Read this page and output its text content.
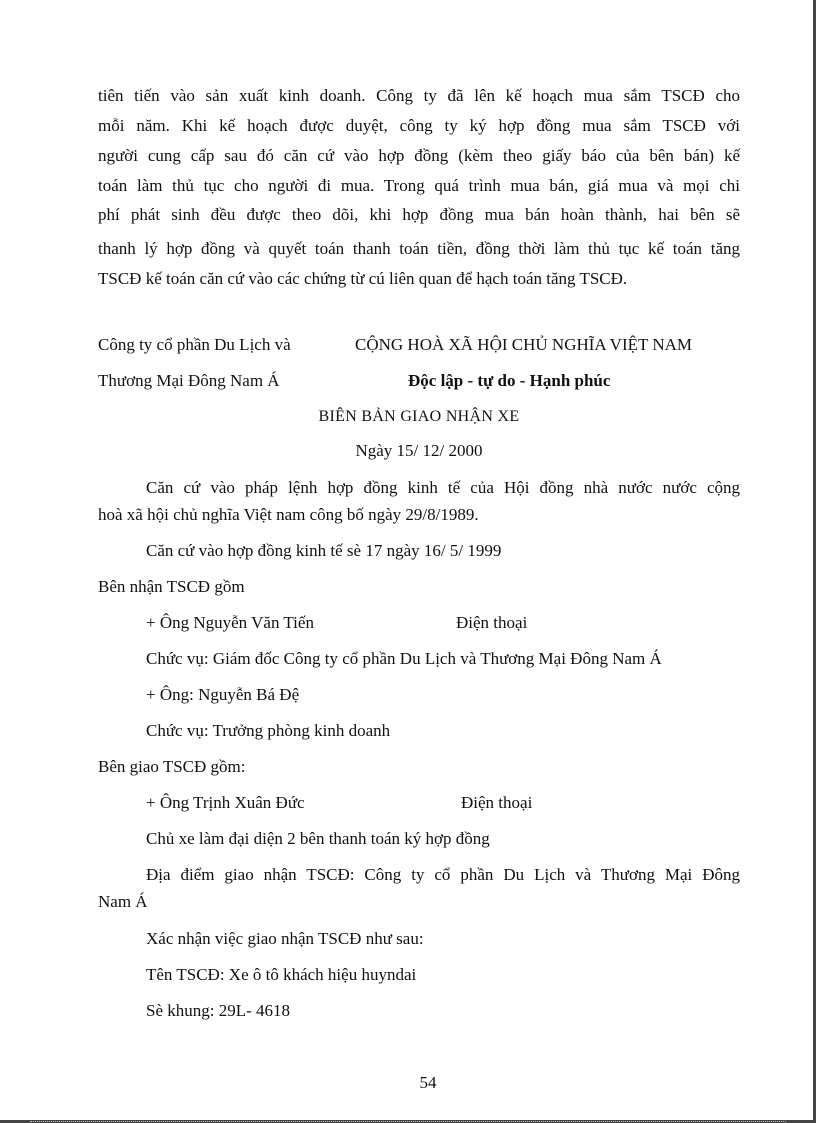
tiên tiến vào sản xuất kinh doanh. Công ty đã lên kế hoạch mua sắm TSCĐ cho

mỗi năm. Khi kế hoạch được duyệt, công ty ký hợp đồng mua sắm TSCĐ với

người cung cấp sau đó căn cứ vào hợp đồng (kèm theo giấy báo của bên bán) kế

toán làm thủ tục cho người đi mua. Trong quá trình mua bán, giá mua và mọi chi

phí phát sinh đều được theo dõi, khi hợp đồng mua bán hoàn thành, hai bên sẽ

thanh lý hợp đồng và quyết toán thanh toán tiền, đồng thời làm thủ tục kế toán tăng

TSCĐ kế toán căn cứ vào các chứng từ cú liên quan để hạch toán tăng TSCĐ.

Công ty cổ phần Du Lịch và	CỘNG HOÀ XÃ HỘI CHỦ NGHĨA VIỆT NAM
Thương Mại Đông Nam Á	Độc lập - tự do - Hạnh phúc
BIÊN BẢN GIAO NHẬN XE
Ngày 15/ 12/ 2000
Căn cứ vào pháp lệnh hợp đồng kinh tế của Hội đồng nhà nước nước cộng
hoà xã hội chủ nghĩa Việt nam công bố ngày 29/8/1989.
Căn cứ vào hợp đồng kinh tế sè 17 ngày 16/ 5/ 1999
Bên nhận TSCĐ gồm
+ Ông Nguyễn Văn Tiến	Điện thoại
Chức vụ: Giám đốc Công ty cổ phần Du Lịch và Thương Mại Đông Nam Á
+ Ông: Nguyễn Bá Đệ
Chức vụ: Trưởng phòng kinh doanh
Bên giao TSCĐ gồm:
+ Ông Trịnh Xuân Đức	Điện thoại
Chủ xe làm đại diện 2 bên thanh toán ký hợp đồng
Địa điểm giao nhận TSCĐ: Công ty cổ phần Du Lịch và Thương Mại Đông
Nam Á
Xác nhận việc giao nhận TSCĐ như sau:
Tên TSCĐ: Xe ô tô khách hiệu huyndai
Sè khung: 29L- 4618
54
